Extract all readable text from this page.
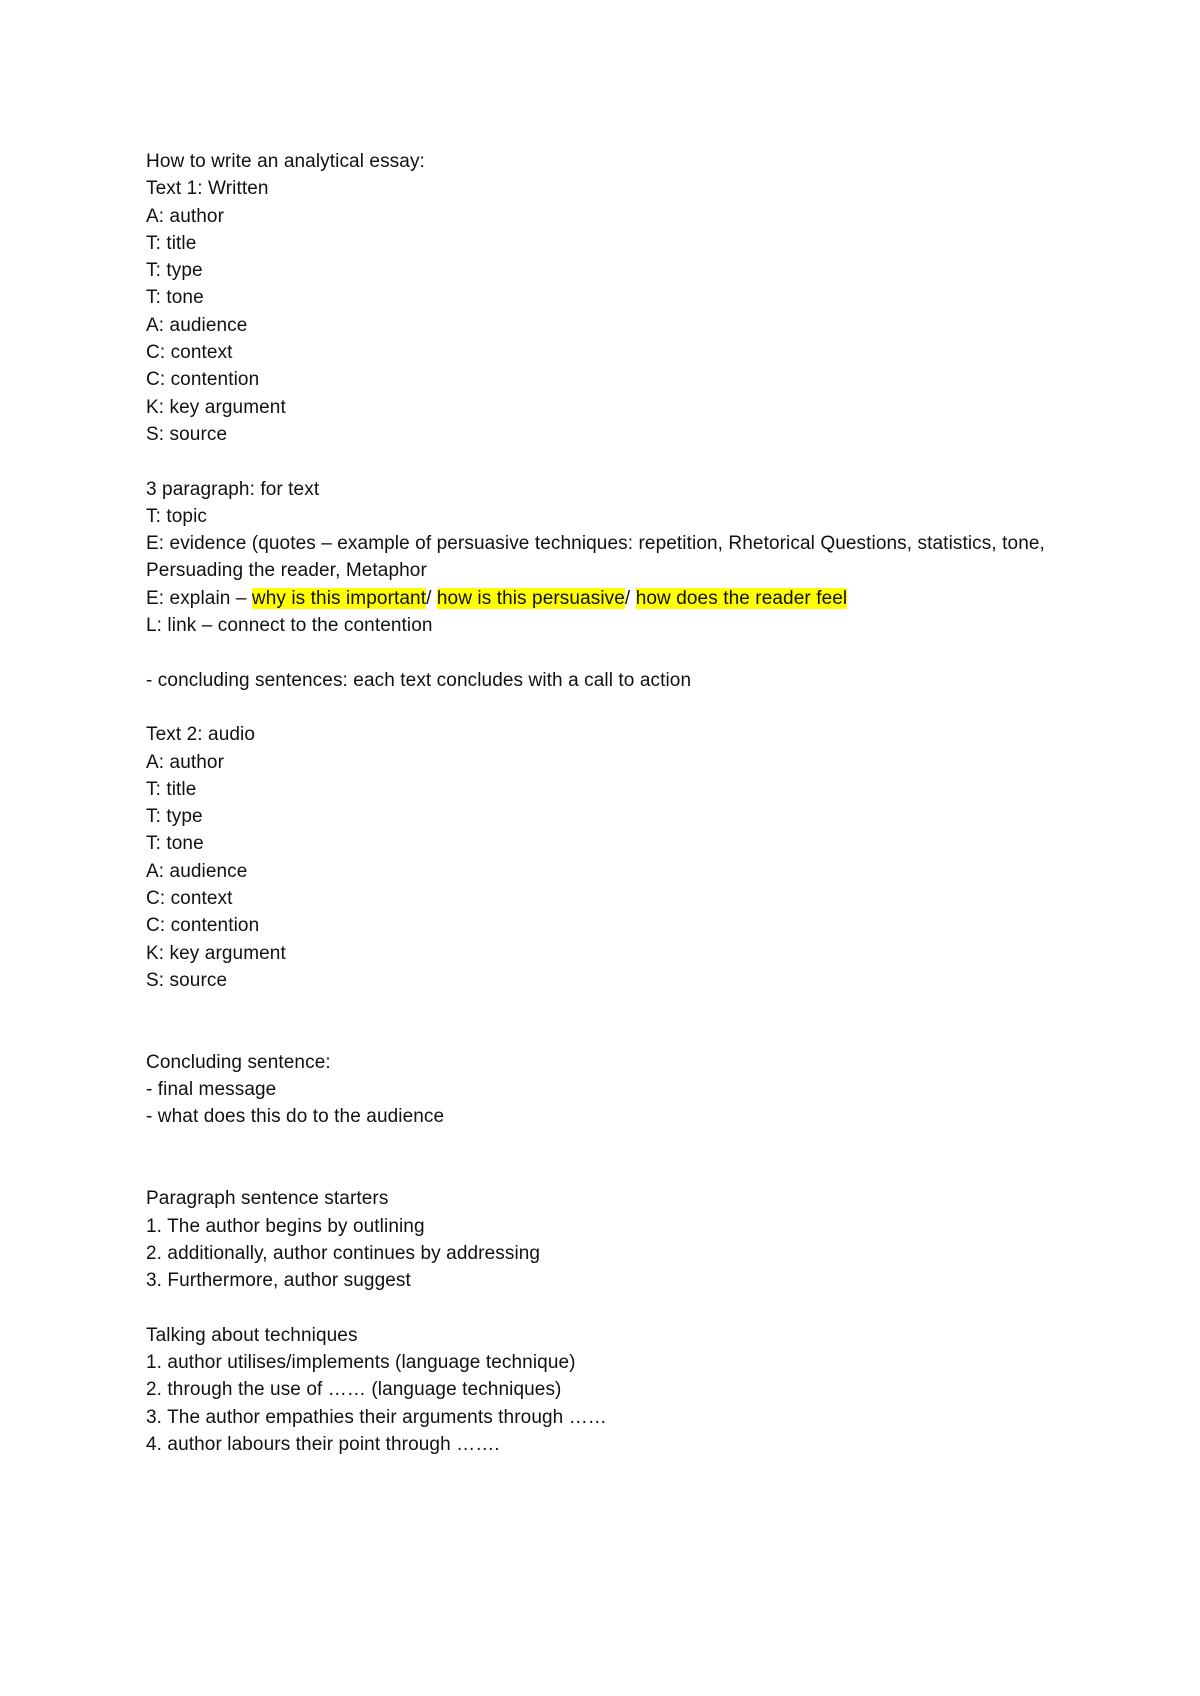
How to write an analytical essay:
Text 1: Written
A: author
T: title
T: type
T: tone
A: audience
C: context
C: contention
K: key argument
S: source
3 paragraph: for text
T: topic
E: evidence (quotes – example of persuasive techniques: repetition, Rhetorical Questions, statistics, tone, Persuading the reader, Metaphor
E: explain – why is this important/ how is this persuasive/ how does the reader feel
L: link – connect to the contention
- concluding sentences: each text concludes with a call to action
Text 2: audio
A: author
T: title
T: type
T: tone
A: audience
C: context
C: contention
K: key argument
S: source
Concluding sentence:
- final message
- what does this do to the audience
Paragraph sentence starters
1. The author begins by outlining
2. additionally, author continues by addressing
3. Furthermore, author suggest
Talking about techniques
1. author utilises/implements (language technique)
2. through the use of …… (language techniques)
3. The author empathies their arguments through ……
4. author labours their point through …….
